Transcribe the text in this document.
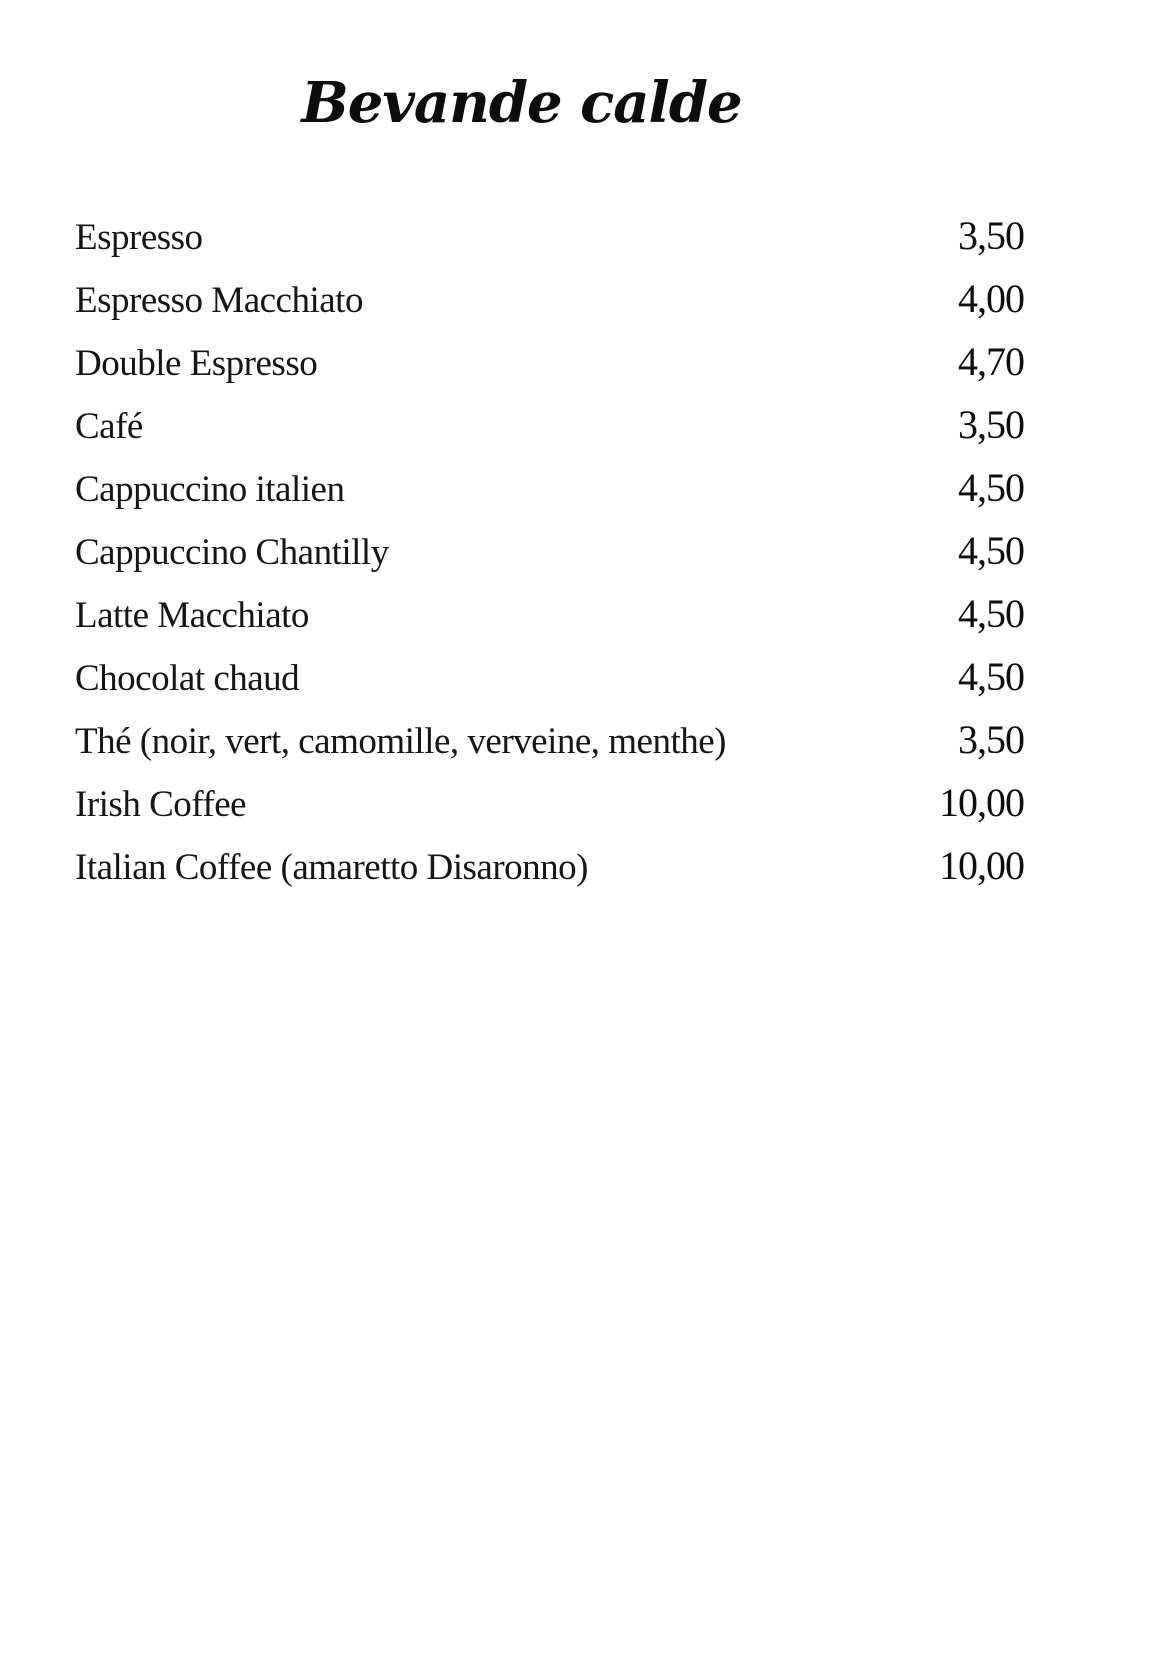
Bevande calde
Espresso	3,50
Espresso Macchiato	4,00
Double Espresso	4,70
Café	3,50
Cappuccino italien	4,50
Cappuccino Chantilly	4,50
Latte Macchiato	4,50
Chocolat chaud	4,50
Thé (noir, vert, camomille, verveine, menthe)	3,50
Irish Coffee	10,00
Italian Coffee (amaretto Disaronno)	10,00
